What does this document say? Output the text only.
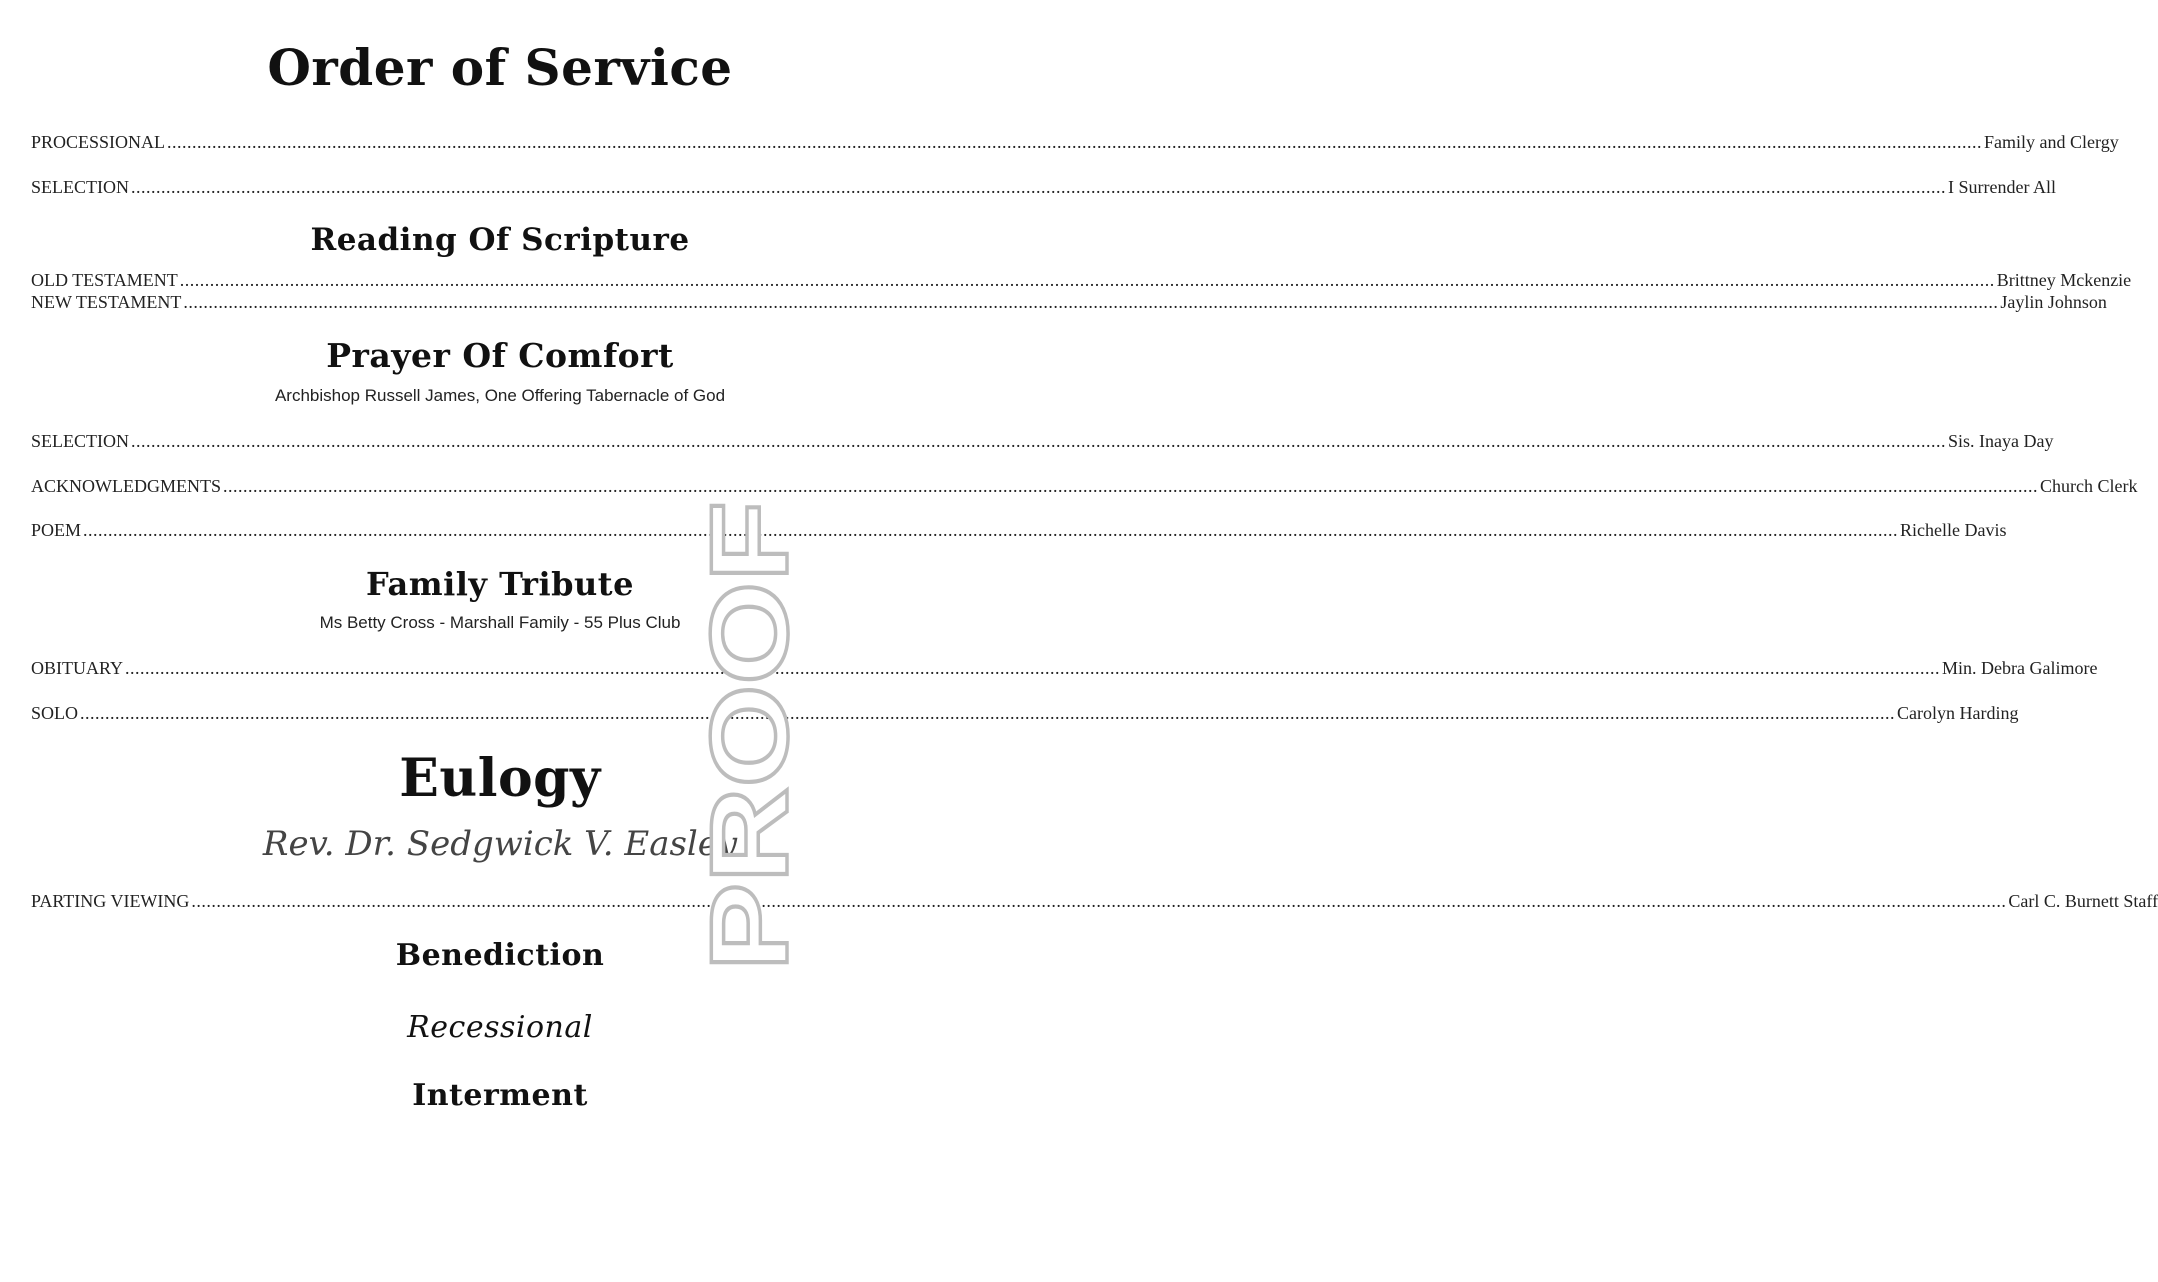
Order of Service
PROCESSIONAL .....	Family and Clergy
SELECTION .....	I Surrender All
Reading Of Scripture
OLD TESTAMENT .....	Brittney Mckenzie
NEW TESTAMENT .....	Jaylin Johnson
Prayer Of Comfort
Archbishop Russell James, One Offering Tabernacle of God
SELECTION .....	Sis. Inaya Day
ACKNOWLEDGMENTS .....	Church Clerk
POEM .....	Richelle Davis
Family Tribute
Ms Betty Cross - Marshall Family - 55 Plus Club
OBITUARY .....	Min. Debra Galimore
SOLO .....	Carolyn Harding
Eulogy
Rev. Dr. Sedgwick V. Easley
PARTING VIEWING .....	Carl C. Burnett Staff
Benediction
Recessional
Interment
PROOF
